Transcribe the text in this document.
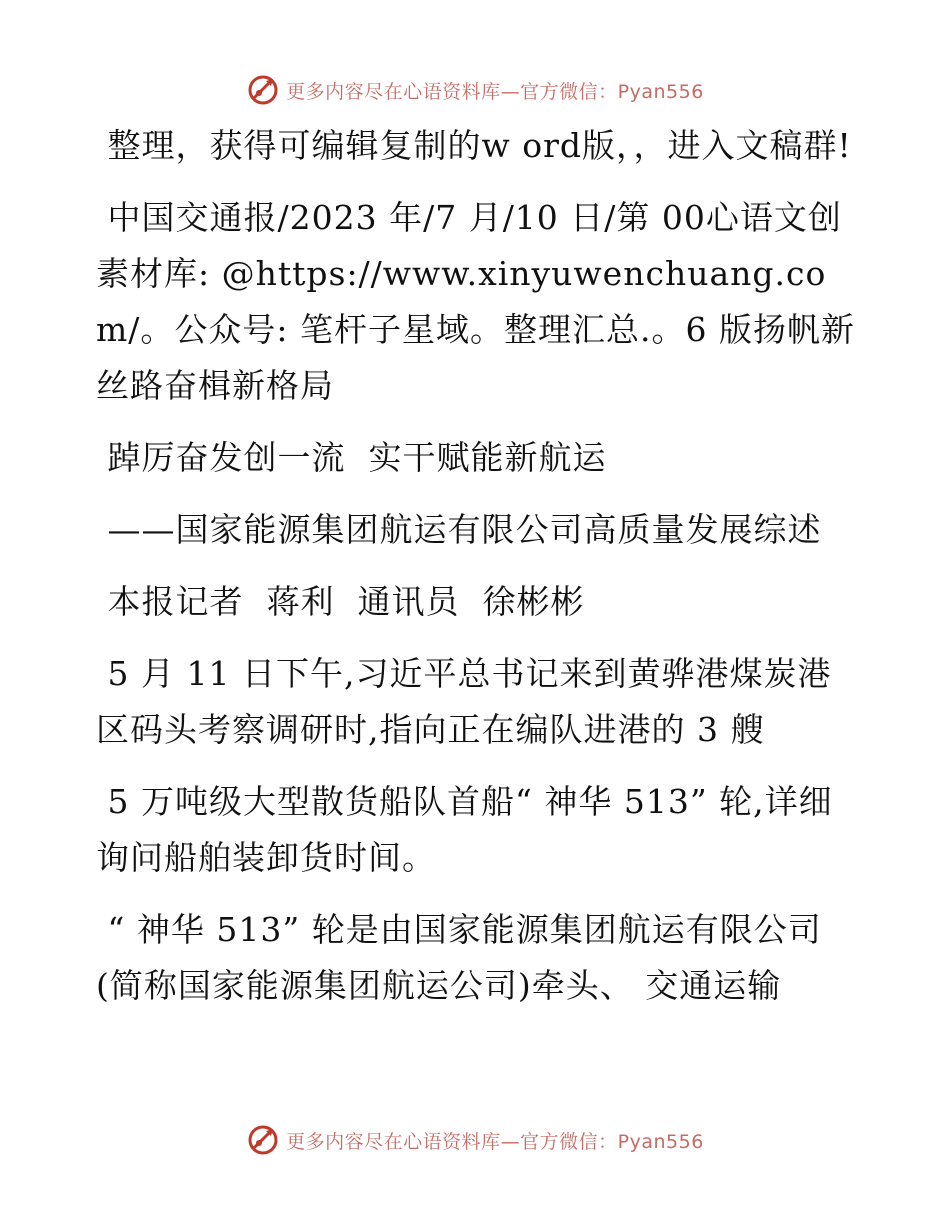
更多内容尽在心语资料库—官方微信：Pyan556

整理，获得可编辑复制的w ord版，，进入文稿群!

中国交通报/2023 年/7 月/10 日/第 00心语文创素材库: @https://www.xinyuwenchuang.com/。公众号: 笔杆子星域。整理汇总.。6 版扬帆新丝路奋楫新格局

踔厉奋发创一流  实干赋能新航运

——国家能源集团航运有限公司高质量发展综述

本报记者  蒋利  通讯员  徐彬彬

5 月 11 日下午,习近平总书记来到黄骅港煤炭港区码头考察调研时,指向正在编队进港的 3 艘

5 万吨级大型散货船队首船“ 神华 513” 轮,详细询问船舶装卸货时间。

“ 神华 513” 轮是由国家能源集团航运有限公司(简称国家能源集团航运公司)牵头、 交通运输

更多内容尽在心语资料库—官方微信：Pyan556
